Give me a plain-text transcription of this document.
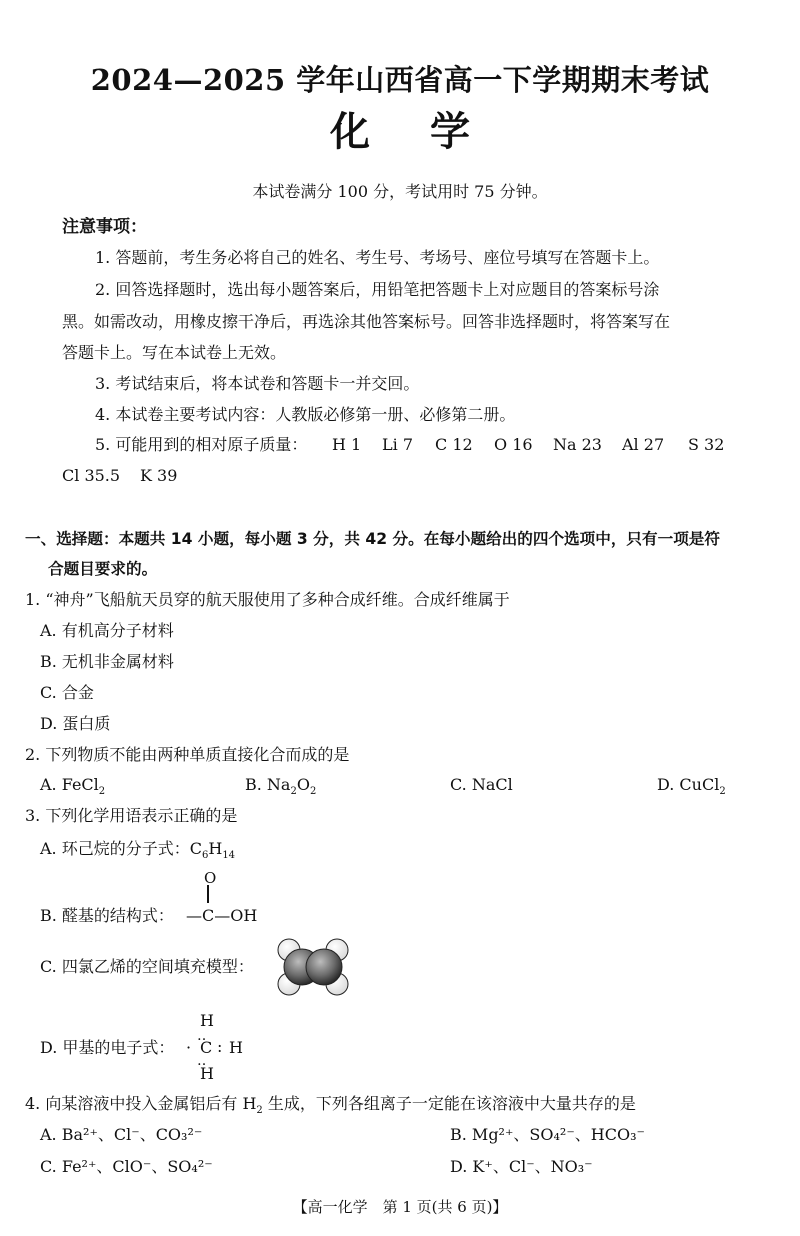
2024—2025 学年山西省高一下学期期末考试
化学
本试卷满分 100 分，考试用时 75 分钟。
注意事项：
1. 答题前，考生务必将自己的姓名、考生号、考场号、座位号填写在答题卡上。
2. 回答选择题时，选出每小题答案后，用铅笔把答题卡上对应题目的答案标号涂
黑。如需改动，用橡皮擦干净后，再选涂其他答案标号。回答非选择题时，将答案写在
答题卡上。写在本试卷上无效。
3. 考试结束后，将本试卷和答题卡一并交回。
4. 本试卷主要考试内容：人教版必修第一册、必修第二册。
5. 可能用到的相对原子质量： H 1 Li 7 C 12 O 16 Na 23 Al 27 S 32
Cl 35.5 K 39
一、选择题：本题共 14 小题，每小题 3 分，共 42 分。在每小题给出的四个选项中，只有一项是符
合题目要求的。
1. “神舟”飞船航天员穿的航天服使用了多种合成纤维。合成纤维属于
A. 有机高分子材料
B. 无机非金属材料
C. 合金
D. 蛋白质
2. 下列物质不能由两种单质直接化合而成的是
A. FeCl$_2$	B. $Na_2O_2$	C. NaCl	D. CuCl$_2$
3. 下列化学用语表示正确的是
A. 环己烷的分子式：$C_6H_{14}$
B. 醛基的结构式：
O
—C—OH
C. 四氯乙烯的空间填充模型：
D. 甲基的电子式：
H
‥
· C : H
‥
H
4. 向某溶液中投入金属铝后有 $H_2$ 生成，下列各组离子一定能在该溶液中大量共存的是
A. Ba²⁺、Cl⁻、CO₃²⁻	B. Mg²⁺、SO₄²⁻、HCO₃⁻
C. Fe²⁺、ClO⁻、SO₄²⁻	D. K⁺、Cl⁻、NO₃⁻
【高一化学　第 1 页(共 6 页)】
